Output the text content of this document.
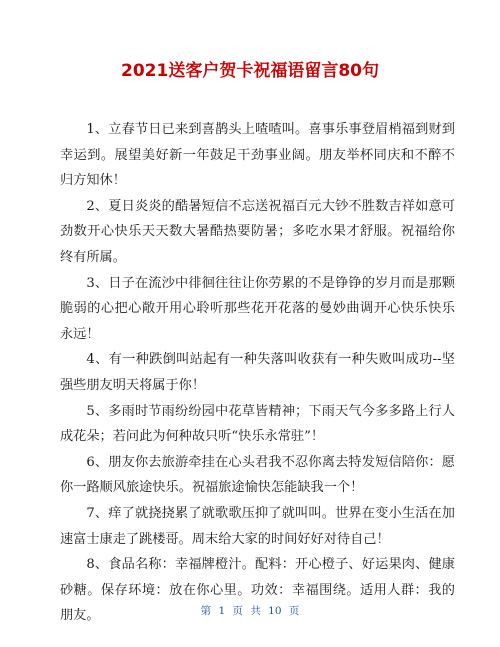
2021送客户贺卡祝福语留言80句

1、立春节日已来到喜鹊头上喳喳叫。喜事乐事登眉梢福到财到幸运到。展望美好新一年鼓足干劲事业阔。朋友举杯同庆和不醉不归方知休！

2、夏日炎炎的酷暑短信不忘送祝福百元大钞不胜数吉祥如意可劲数开心快乐天天数大暑酷热要防暑；多吃水果才舒服。祝福给你终有所属。

3、日子在流沙中徘徊往往让你劳累的不是铮铮的岁月而是那颗脆弱的心把心敞开用心聆听那些花开花落的曼妙曲调开心快乐快乐永远！

4、有一种跌倒叫站起有一种失落叫收获有一种失败叫成功--坚强些朋友明天将属于你！

5、多雨时节雨纷纷园中花草皆精神；下雨天气今多多路上行人成花朵；若问此为何种故只听“快乐永常驻”！

6、朋友你去旅游牵挂在心头君我不忍你离去特发短信陪你：愿你一路顺风旅途快乐。祝福旅途愉快怎能缺我一个！

7、痒了就挠挠累了就歌歌压抑了就叫叫。世界在变小生活在加速富士康走了跳楼哥。周末给大家的时间好好对待自己！

8、食品名称：幸福牌橙汁。配料：开心橙子、好运果肉、健康砂糖。保存环境：放在你心里。功效：幸福围绕。适用人群：我的朋友。	第 1 页 共 10 页
